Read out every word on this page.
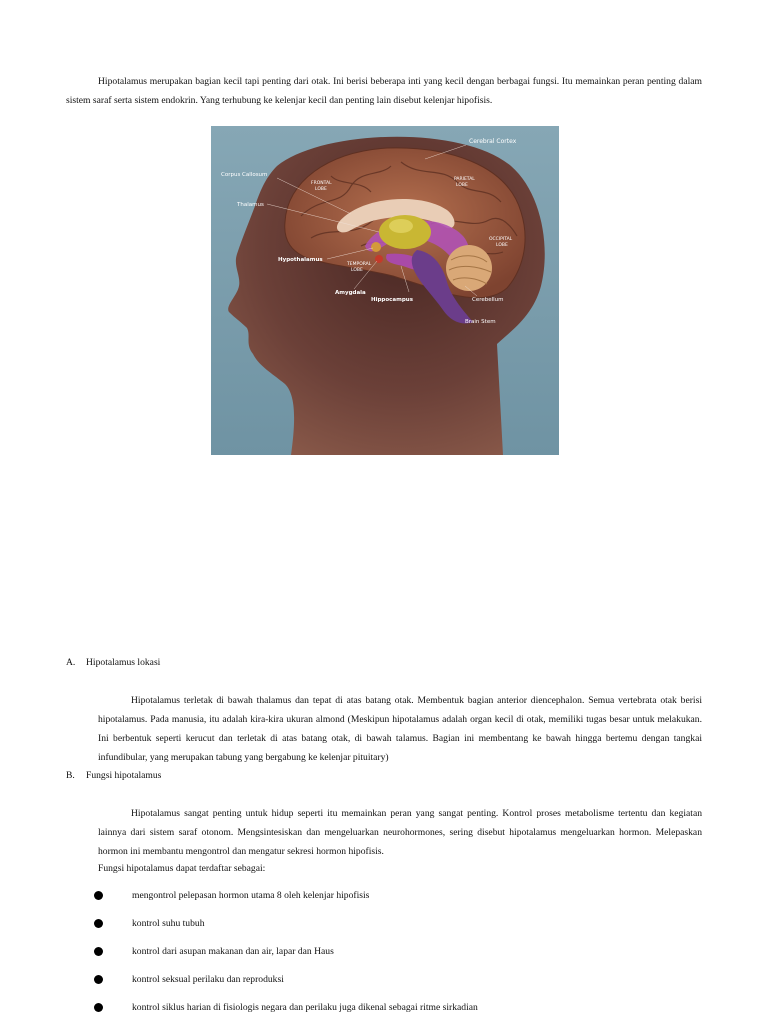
Hipotalamus merupakan bagian kecil tapi penting dari otak. Ini berisi beberapa inti yang kecil dengan berbagai fungsi. Itu memainkan peran penting dalam sistem saraf serta sistem endokrin. Yang terhubung ke kelenjar kecil dan penting lain disebut kelenjar hipofisis.

Cerebral Cortex
Corpus Callosum
FRONTAL
LOBE
PARIETAL
LOBE
Thalamus
OCCIPITAL
LOBE
Hypothalamus
TEMPORAL
LOBE
Amygdala
Hippocampus	Cerebellum
Brain Stem
A. Hipotalamus lokasi

Hipotalamus terletak di bawah thalamus dan tepat di atas batang otak. Membentuk bagian anterior diencephalon. Semua vertebrata otak berisi hipotalamus. Pada manusia, itu adalah kira-kira ukuran almond (Meskipun hipotalamus adalah organ kecil di otak, memiliki tugas besar untuk melakukan. Ini berbentuk seperti kerucut dan terletak di atas batang otak, di bawah talamus. Bagian ini membentang ke bawah hingga bertemu dengan tangkai infundibular, yang merupakan tabung yang bergabung ke kelenjar pituitary)

B. Fungsi hipotalamus

Hipotalamus sangat penting untuk hidup seperti itu memainkan peran yang sangat penting. Kontrol proses metabolisme tertentu dan kegiatan lainnya dari sistem saraf otonom. Mengsintesiskan dan mengeluarkan neurohormones, sering disebut hipotalamus mengeluarkan hormon. Melepaskan hormon ini membantu mengontrol dan mengatur sekresi hormon hipofisis.

Fungsi hipotalamus dapat terdaftar sebagai:
mengontrol pelepasan hormon utama 8 oleh kelenjar hipofisis
kontrol suhu tubuh
kontrol dari asupan makanan dan air, lapar dan Haus
kontrol seksual perilaku dan reproduksi
kontrol siklus harian di fisiologis negara dan perilaku juga dikenal sebagai ritme sirkadian
